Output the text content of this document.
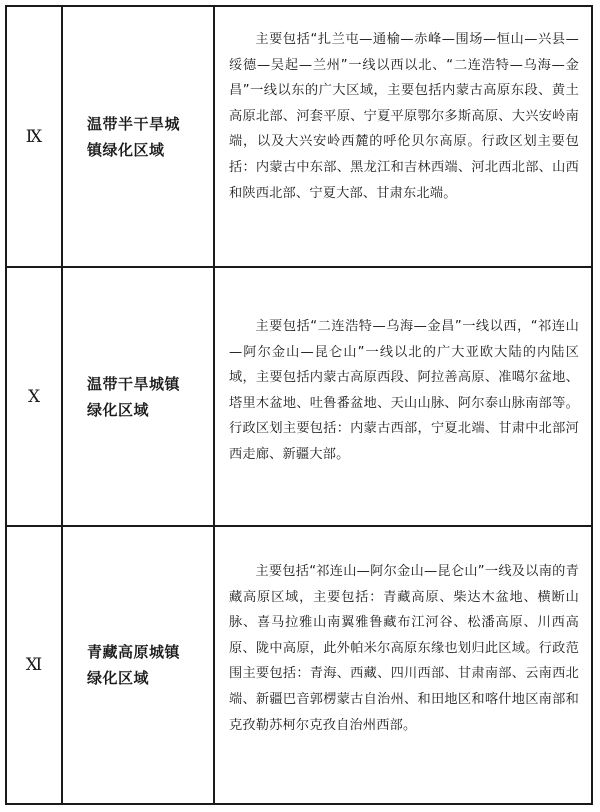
Ⅸ
温带半干旱城镇绿化区域

主要包括“扎兰屯—通榆—赤峰—围场—恒山—兴县—绥德—吴起—兰州”一线以西以北、“二连浩特—乌海—金昌”一线以东的广大区域，主要包括内蒙古高原东段、黄土高原北部、河套平原、宁夏平原鄂尔多斯高原、大兴安岭南端，以及大兴安岭西麓的呼伦贝尔高原。行政区划主要包括：内蒙古中东部、黑龙江和吉林西端、河北西北部、山西和陕西北部、宁夏大部、甘肃东北端。

Ⅹ
温带干旱城镇绿化区域

主要包括“二连浩特—乌海—金昌”一线以西，“祁连山—阿尔金山—昆仑山”一线以北的广大亚欧大陆的内陆区域，主要包括内蒙古高原西段、阿拉善高原、准噶尔盆地、塔里木盆地、吐鲁番盆地、天山山脉、阿尔泰山脉南部等。行政区划主要包括：内蒙古西部，宁夏北端、甘肃中北部河西走廊、新疆大部。

Ⅺ
青藏高原城镇绿化区域

主要包括“祁连山—阿尔金山—昆仑山”一线及以南的青藏高原区域，主要包括：青藏高原、柴达木盆地、横断山脉、喜马拉雅山南翼雅鲁藏布江河谷、松潘高原、川西高原、陇中高原，此外帕米尔高原东缘也划归此区域。行政范围主要包括：青海、西藏、四川西部、甘肃南部、云南西北端、新疆巴音郭楞蒙古自治州、和田地区和喀什地区南部和克孜勒苏柯尔克孜自治州西部。
